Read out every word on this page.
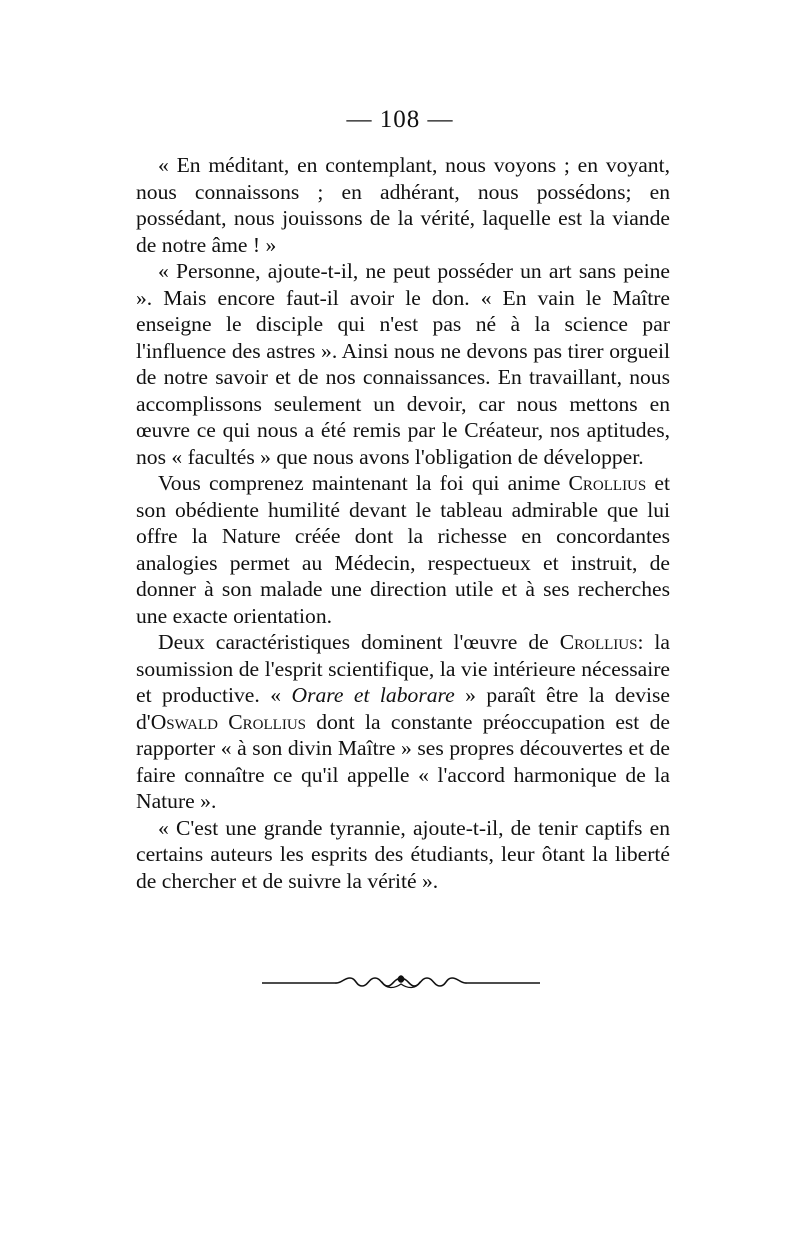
— 108 —

« En méditant, en contemplant, nous voyons ; en voyant, nous connaissons ; en adhérant, nous possédons; en possédant, nous jouissons de la vérité, laquelle est la viande de notre âme ! »

« Personne, ajoute-t-il, ne peut posséder un art sans peine ». Mais encore faut-il avoir le don. « En vain le Maître enseigne le disciple qui n'est pas né à la science par l'influence des astres ». Ainsi nous ne devons pas tirer orgueil de notre savoir et de nos connaissances. En travaillant, nous accomplissons seulement un devoir, car nous mettons en œuvre ce qui nous a été remis par le Créateur, nos aptitudes, nos « facultés » que nous avons l'obligation de développer.

Vous comprenez maintenant la foi qui anime Crollius et son obédiente humilité devant le tableau admirable que lui offre la Nature créée dont la richesse en concordantes analogies permet au Médecin, respectueux et instruit, de donner à son malade une direction utile et à ses recherches une exacte orientation.

Deux caractéristiques dominent l'œuvre de Crollius: la soumission de l'esprit scientifique, la vie intérieure nécessaire et productive. « Orare et laborare » paraît être la devise d'Oswald Crollius dont la constante préoccupation est de rapporter « à son divin Maître » ses propres découvertes et de faire connaître ce qu'il appelle « l'accord harmonique de la Nature ».

« C'est une grande tyrannie, ajoute-t-il, de tenir captifs en certains auteurs les esprits des étudiants, leur ôtant la liberté de chercher et de suivre la vérité ».
